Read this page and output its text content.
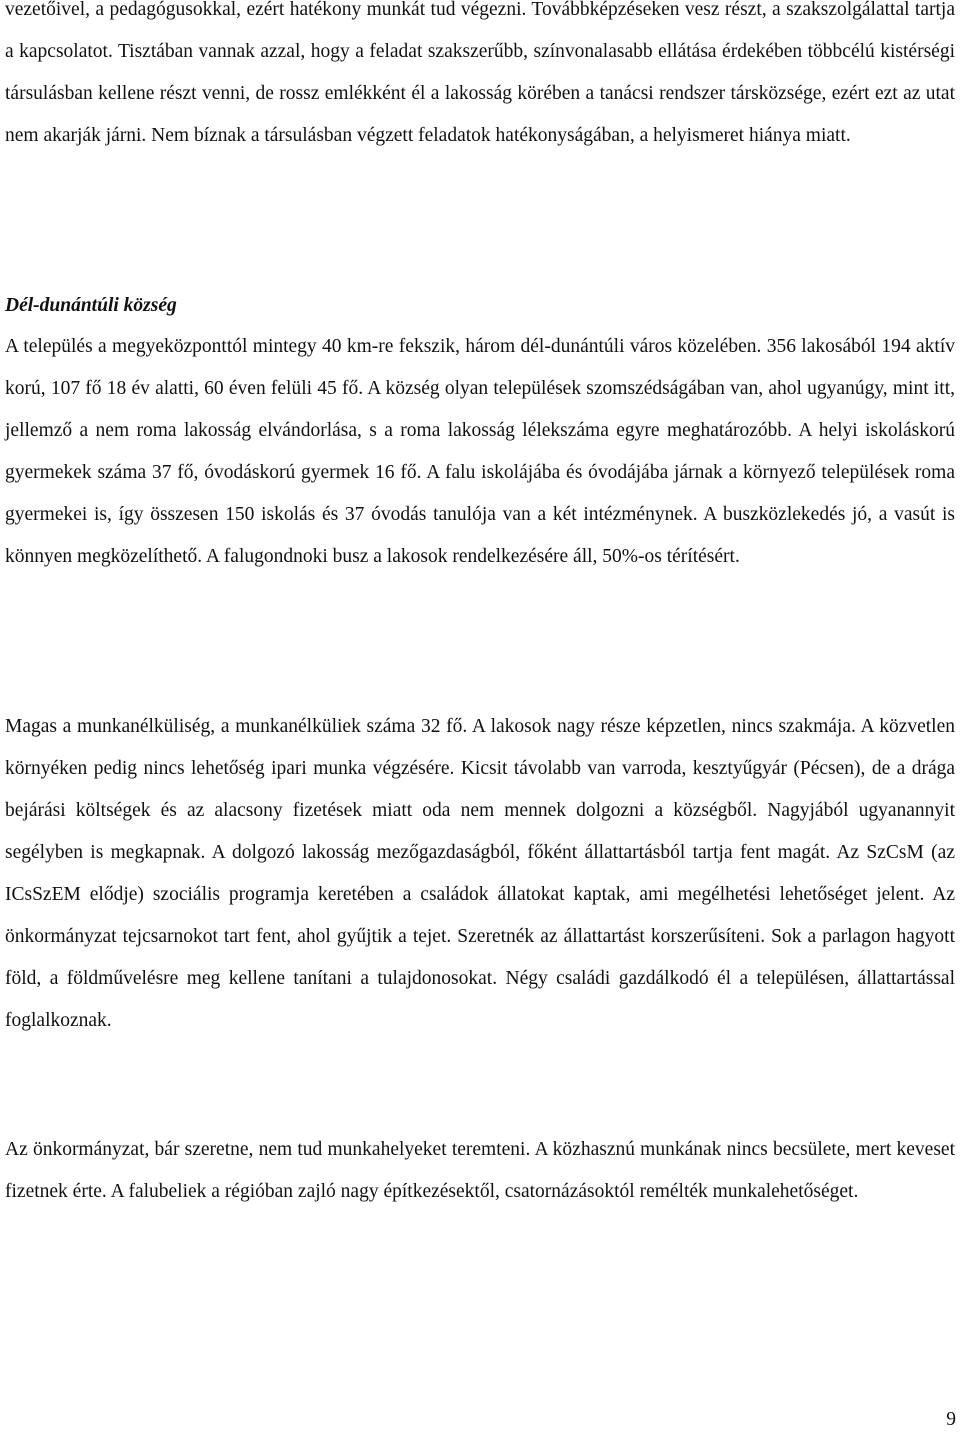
vezetőivel, a pedagógusokkal, ezért hatékony munkát tud végezni. Továbbképzéseken vesz részt, a szakszolgálattal tartja a kapcsolatot. Tisztában vannak azzal, hogy a feladat szakszerűbb, színvonalasabb ellátása érdekében többcélú kistérségi társulásban kellene részt venni, de rossz emlékként él a lakosság körében a tanácsi rendszer társközsége, ezért ezt az utat nem akarják járni. Nem bíznak a társulásban végzett feladatok hatékonyságában, a helyismeret hiánya miatt.

Dél-dunántúli község

A település a megyeközponttól mintegy 40 km-re fekszik, három dél-dunántúli város közelében. 356 lakosából 194 aktív korú, 107 fő 18 év alatti, 60 éven felüli 45 fő. A község olyan települések szomszédságában van, ahol ugyanúgy, mint itt, jellemző a nem roma lakosság elvándorlása, s a roma lakosság lélekszáma egyre meghatározóbb. A helyi iskoláskorú gyermekek száma 37 fő, óvodáskorú gyermek 16 fő. A falu iskolájába és óvodájába járnak a környező települések roma gyermekei is, így összesen 150 iskolás és 37 óvodás tanulója van a két intézménynek. A buszközlekedés jó, a vasút is könnyen megközelíthető. A falugondnoki busz a lakosok rendelkezésére áll, 50%-os térítésért.

Magas a munkanélküliség, a munkanélküliek száma 32 fő. A lakosok nagy része képzetlen, nincs szakmája. A közvetlen környéken pedig nincs lehetőség ipari munka végzésére. Kicsit távolabb van varroda, kesztyűgyár (Pécsen), de a drága bejárási költségek és az alacsony fizetések miatt oda nem mennek dolgozni a községből. Nagyjából ugyanannyit segélyben is megkapnak. A dolgozó lakosság mezőgazdaságból, főként állattartásból tartja fent magát. Az SzCsM (az ICsSzEM elődje) szociális programja keretében a családok állatokat kaptak, ami megélhetési lehetőséget jelent. Az önkormányzat tejcsarnokot tart fent, ahol gyűjtik a tejet. Szeretnék az állattartást korszerűsíteni. Sok a parlagon hagyott föld, a földművelésre meg kellene tanítani a tulajdonosokat. Négy családi gazdálkodó él a településen, állattartással foglalkoznak.

Az önkormányzat, bár szeretne, nem tud munkahelyeket teremteni. A közhasznú munkának nincs becsülete, mert keveset fizetnek érte. A falubeliek a régióban zajló nagy építkezésektől, csatornázásoktól remélték munkalehetőséget.

9
